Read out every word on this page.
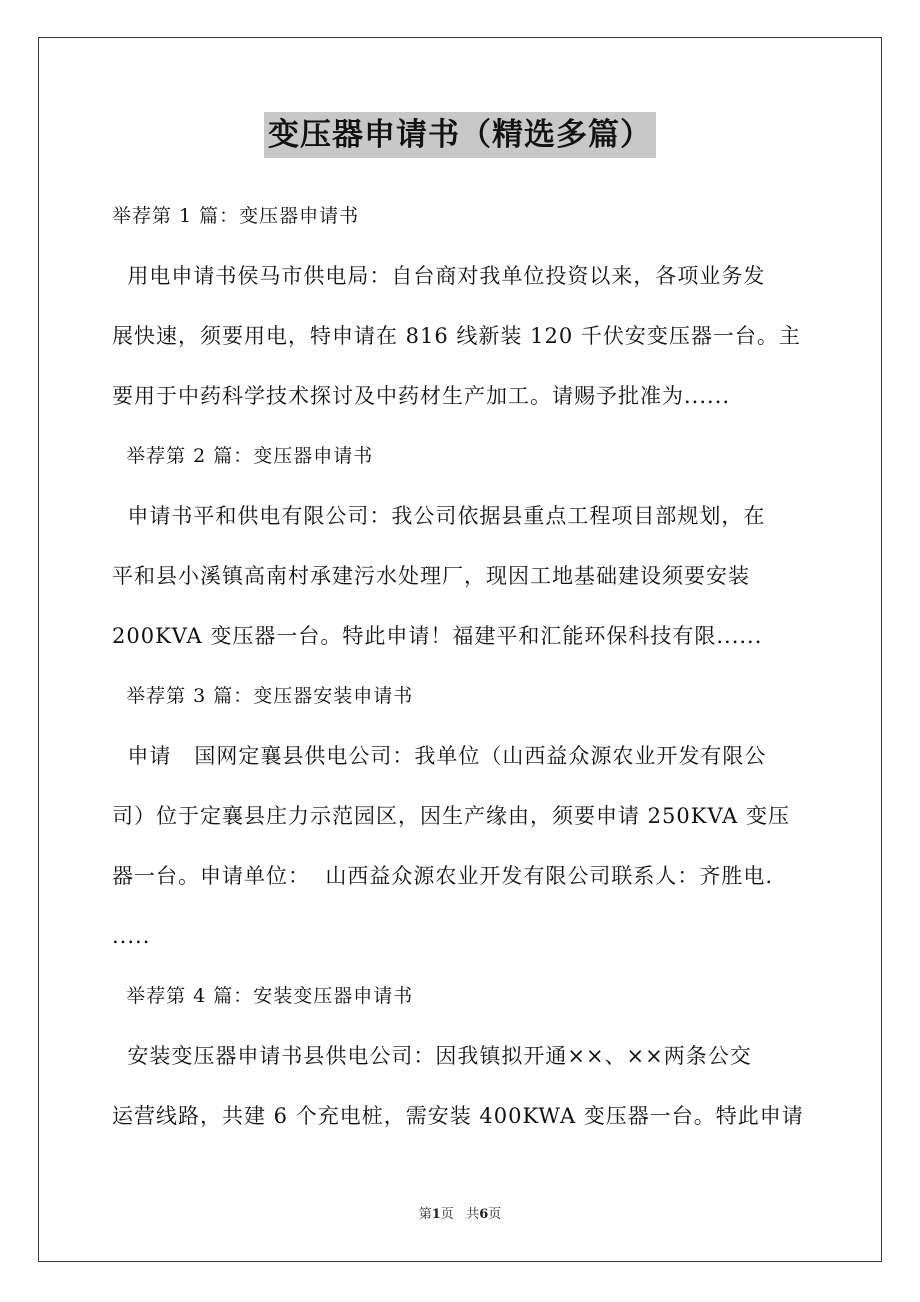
变压器申请书（精选多篇）
举荐第 1 篇：变压器申请书
用电申请书侯马市供电局：自台商对我单位投资以来，各项业务发
展快速，须要用电，特申请在 816 线新装 120 千伏安变压器一台。主
要用于中药科学技术探讨及中药材生产加工。请赐予批准为......
举荐第 2 篇：变压器申请书
申请书平和供电有限公司：我公司依据县重点工程项目部规划，在
平和县小溪镇高南村承建污水处理厂，现因工地基础建设须要安装
200KVA 变压器一台。特此申请！福建平和汇能环保科技有限......
举荐第 3 篇：变压器安装申请书
申请   国网定襄县供电公司：我单位（山西益众源农业开发有限公
司）位于定襄县庄力示范园区，因生产缘由，须要申请 250KVA 变压
器一台。申请单位：  山西益众源农业开发有限公司联系人：齐胜电.
.....
举荐第 4 篇：安装变压器申请书
安装变压器申请书县供电公司：因我镇拟开通××、××两条公交
运营线路，共建 6 个充电桩，需安装 400KWA 变压器一台。特此申请
第1页   共6页
